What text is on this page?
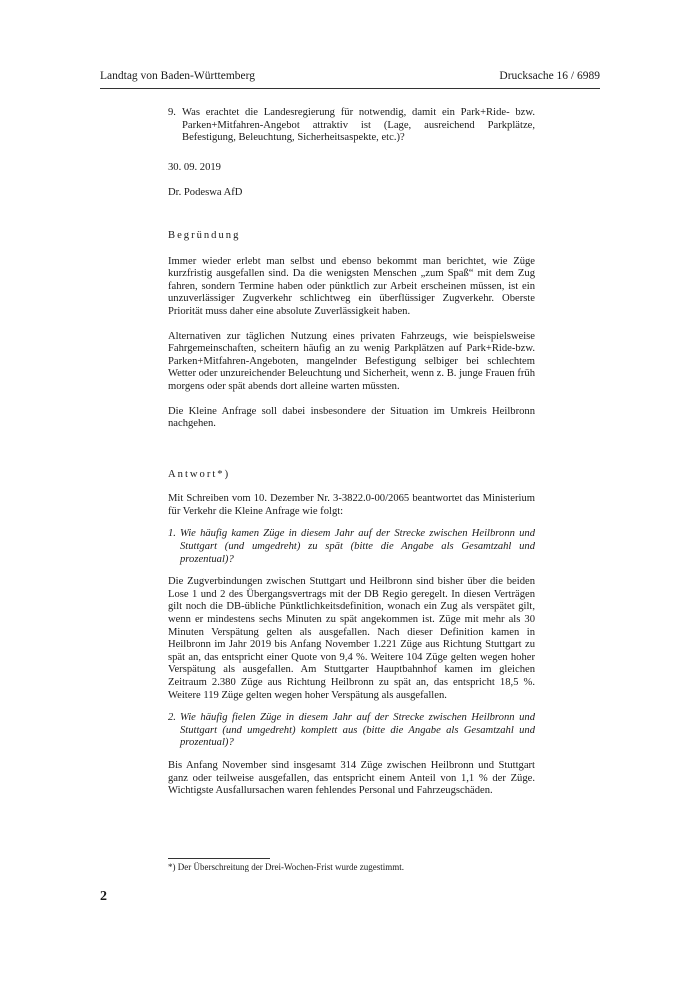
Landtag von Baden-Württemberg	Drucksache 16 / 6989
9. Was erachtet die Landesregierung für notwendig, damit ein Park+Ride- bzw. Parken+Mitfahren-Angebot attraktiv ist (Lage, ausreichend Parkplätze, Befestigung, Beleuchtung, Sicherheitsaspekte, etc.)?

30. 09. 2019

Dr. Podeswa AfD

Begründung

Immer wieder erlebt man selbst und ebenso bekommt man berichtet, wie Züge kurzfristig ausgefallen sind. Da die wenigsten Menschen „zum Spaß“ mit dem Zug fahren, sondern Termine haben oder pünktlich zur Arbeit erscheinen müssen, ist ein unzuverlässiger Zugverkehr schlichtweg ein überflüssiger Zugverkehr. Oberste Priorität muss daher eine absolute Zuverlässigkeit haben.

Alternativen zur täglichen Nutzung eines privaten Fahrzeugs, wie beispielsweise Fahrgemeinschaften, scheitern häufig an zu wenig Parkplätzen auf Park+Ride-bzw. Parken+Mitfahren-Angeboten, mangelnder Befestigung selbiger bei schlechtem Wetter oder unzureichender Beleuchtung und Sicherheit, wenn z. B. junge Frauen früh morgens oder spät abends dort alleine warten müssten.

Die Kleine Anfrage soll dabei insbesondere der Situation im Umkreis Heilbronn nachgehen.

Antwort*)

Mit Schreiben vom 10. Dezember Nr. 3-3822.0-00/2065 beantwortet das Ministerium für Verkehr die Kleine Anfrage wie folgt:

1. Wie häufig kamen Züge in diesem Jahr auf der Strecke zwischen Heilbronn und Stuttgart (und umgedreht) zu spät (bitte die Angabe als Gesamtzahl und prozentual)?

Die Zugverbindungen zwischen Stuttgart und Heilbronn sind bisher über die beiden Lose 1 und 2 des Übergangsvertrags mit der DB Regio geregelt. In diesen Verträgen gilt noch die DB-übliche Pünktlichkeitsdefinition, wonach ein Zug als verspätet gilt, wenn er mindestens sechs Minuten zu spät angekommen ist. Züge mit mehr als 30 Minuten Verspätung gelten als ausgefallen. Nach dieser Definition kamen in Heilbronn im Jahr 2019 bis Anfang November 1.221 Züge aus Richtung Stuttgart zu spät an, das entspricht einer Quote von 9,4 %. Weitere 104 Züge gelten wegen hoher Verspätung als ausgefallen. Am Stuttgarter Hauptbahnhof kamen im gleichen Zeitraum 2.380 Züge aus Richtung Heilbronn zu spät an, das entspricht 18,5 %. Weitere 119 Züge gelten wegen hoher Verspätung als ausgefallen.

2. Wie häufig fielen Züge in diesem Jahr auf der Strecke zwischen Heilbronn und Stuttgart (und umgedreht) komplett aus (bitte die Angabe als Gesamtzahl und prozentual)?

Bis Anfang November sind insgesamt 314 Züge zwischen Heilbronn und Stuttgart ganz oder teilweise ausgefallen, das entspricht einem Anteil von 1,1 % der Züge. Wichtigste Ausfallursachen waren fehlendes Personal und Fahrzeugschäden.

*) Der Überschreitung der Drei-Wochen-Frist wurde zugestimmt.
2
